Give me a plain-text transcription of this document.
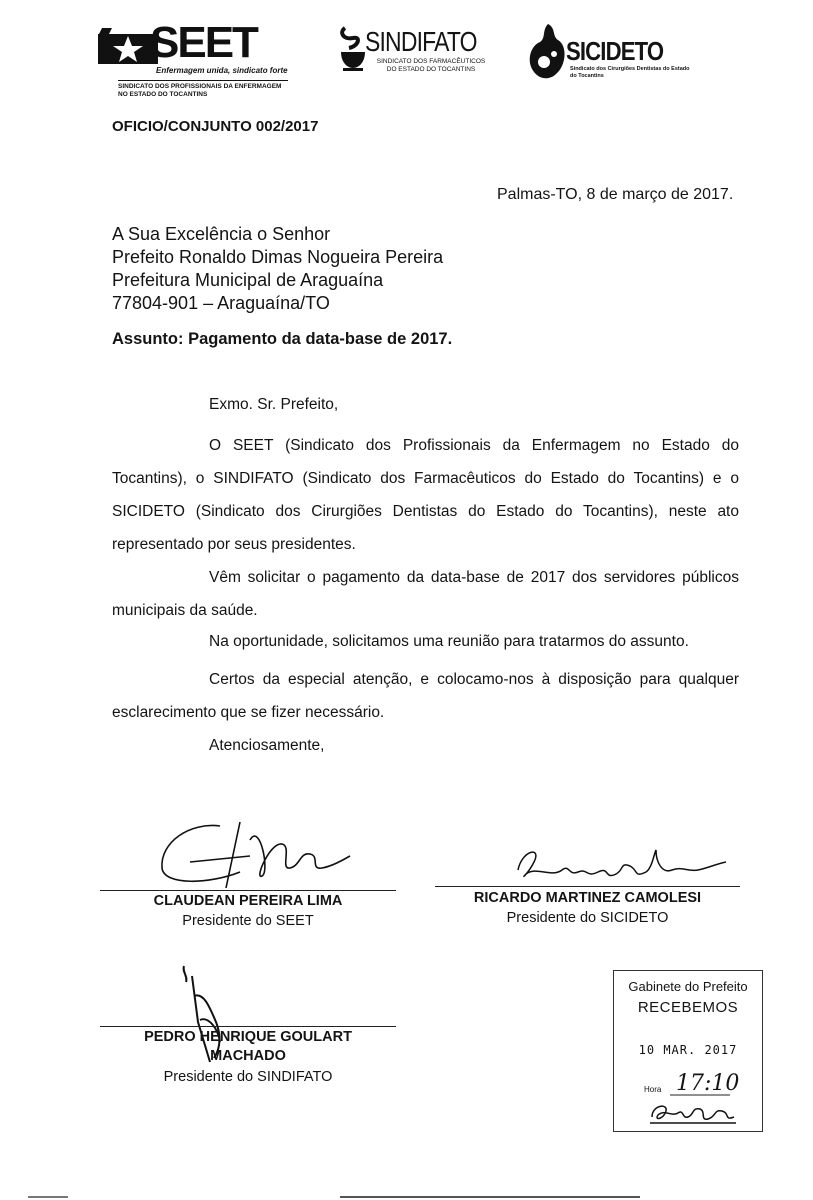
SEET
Enfermagem unida, sindicato forte
SINDICATO DOS PROFISSIONAIS DA ENFERMAGEM NO ESTADO DO TOCANTINS
SINDIFATO
SINDICATO DOS FARMACÊUTICOS DO ESTADO DO TOCANTINS
SICIDETO
Sindicato dos Cirurgiões Dentistas do Estado do Tocantins
OFICIO/CONJUNTO 002/2017
Palmas-TO, 8 de março de 2017.
A Sua Excelência o Senhor
Prefeito Ronaldo Dimas Nogueira Pereira
Prefeitura Municipal de Araguaína
77804-901 – Araguaína/TO
Assunto: Pagamento da data-base de 2017.
Exmo. Sr. Prefeito,
O SEET (Sindicato dos Profissionais da Enfermagem no Estado do Tocantins), o SINDIFATO (Sindicato dos Farmacêuticos do Estado do Tocantins) e o SICIDETO (Sindicato dos Cirurgiões Dentistas do Estado do Tocantins), neste ato representado por seus presidentes.
Vêm solicitar o pagamento da data-base de 2017 dos servidores públicos municipais da saúde.
Na oportunidade, solicitamos uma reunião para tratarmos do assunto.
Certos da especial atenção, e colocamo-nos à disposição para qualquer esclarecimento que se fizer necessário.
Atenciosamente,
CLAUDEAN PEREIRA LIMA
Presidente do SEET
RICARDO MARTINEZ CAMOLESI
Presidente do SICIDETO
PEDRO HENRIQUE GOULART
MACHADO
Presidente do SINDIFATO
Gabinete do Prefeito
RECEBEMOS
10 MAR. 2017
Hora 17:10
